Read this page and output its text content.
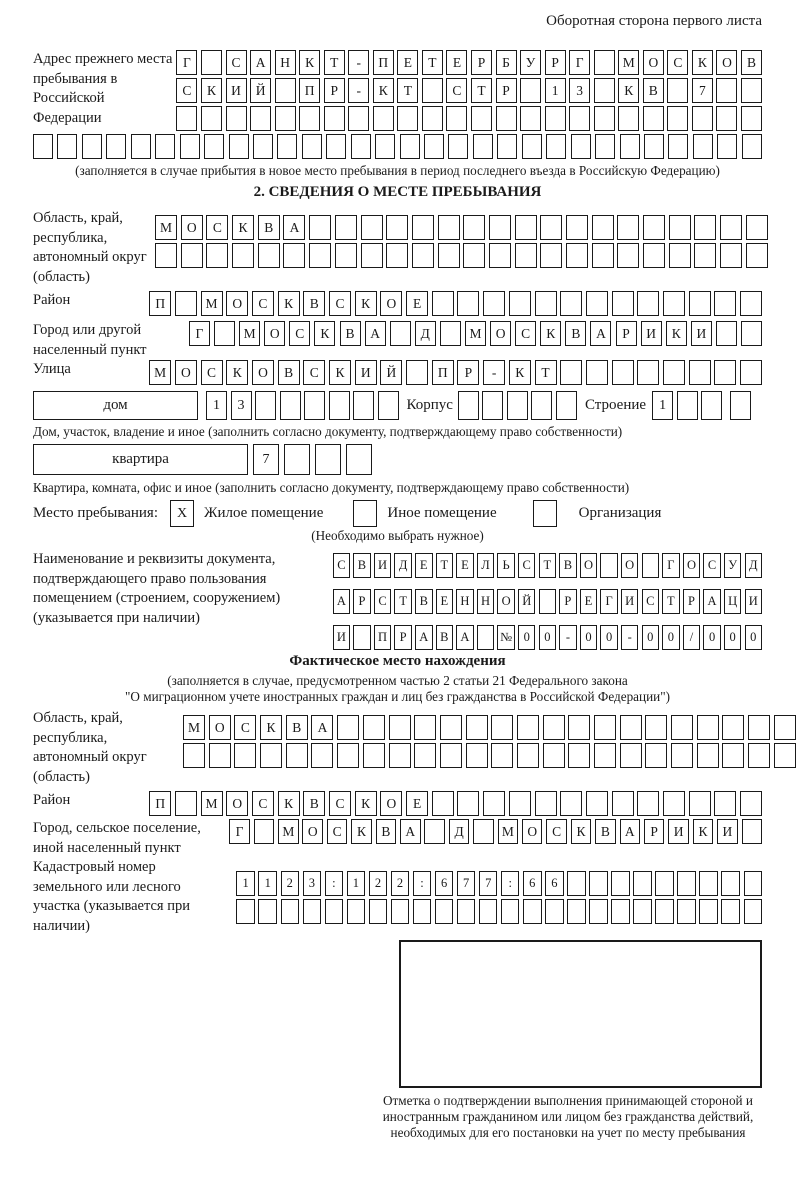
Оборотная сторона первого листа
Адрес прежнего места пребывания в Российской Федерации
Г	С	А	Н	К	Т	-	П	Е	Т	Е	Р	Б	У	Р	Г	М	О	С	К	О	В
С	К	И	Й	П	Р	-	К	Т	С	Т	Р	1	3	К	В	7
(заполняется в случае прибытия в новое место пребывания в период последнего въезда в Российскую Федерацию)
2. СВЕДЕНИЯ О МЕСТЕ ПРЕБЫВАНИЯ
Область, край, республика, автономный округ (область)
М	О	С	К	В	А
Район	П	М	О	С	К	В	С	К	О	Е
Город или другой населенный пункт
Г	М	О	С	К	В	А	Д	М	О	С	К	В	А	Р	И	К	И
Улица	М	О	С	К	О	В	С	К	И	Й	П	Р	-	К	Т
дом	1	3	Корпус	Строение 1
Дом, участок, владение и иное (заполнить согласно документу, подтверждающему право собственности)
квартира	7
Квартира, комната, офис и иное (заполнить согласно документу, подтверждающему право собственности)
Место пребывания:	X	Жилое помещение	Иное помещение	Организация
(Необходимо выбрать нужное)
Наименование и реквизиты документа, подтверждающего право пользования помещением (строением, сооружением) (указывается при наличии)
С В И Д	Е	Т	Е	Л	Ь	С	Т	В О	О	Г О С У Д
А	Р	С	Т	В	Е Н Н О Й	Р	Е	Г И С	Т	Р	А Ц И
И	П	Р	А В А	№ 0	0	-	0	0	-	0	0	/	0	0	0
Фактическое место нахождения
(заполняется в случае, предусмотренном частью 2 статьи 21 Федерального закона
"О миграционном учете иностранных граждан и лиц без гражданства в Российской Федерации")
Область, край, республика, автономный округ (область)
М	О	С	К	В	А
Район	П	М	О	С	К	В	С	К	О	Е
Город, сельское поселение, иной населенный пункт
Г	М	О	С	К	В	А	Д	М	О	С	К	В	А	Р	И	К	И
Кадастровый номер земельного или лесного участка (указывается при наличии)
1	1	2	3	:	1	2	2	:	6	7	7	:	6	6
Отметка о подтверждении выполнения принимающей стороной и иностранным гражданином или лицом без гражданства действий, необходимых для его постановки на учет по месту пребывания
